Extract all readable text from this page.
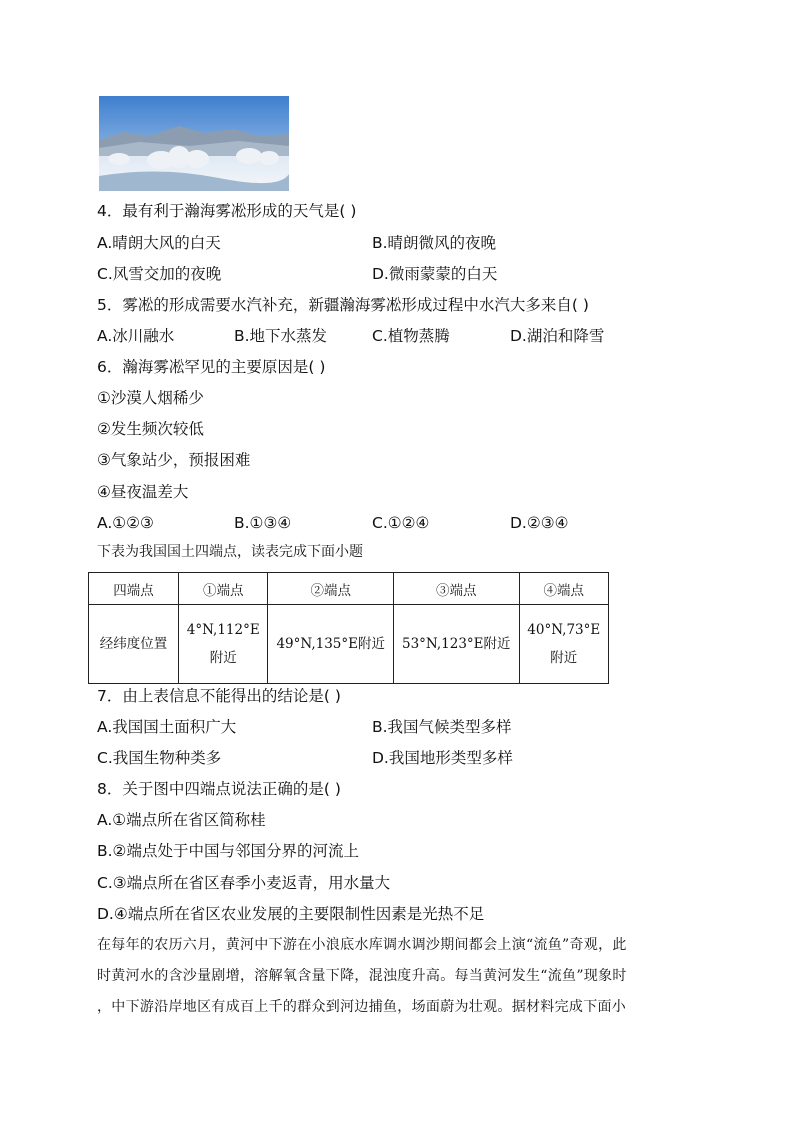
4．最有利于瀚海雾凇形成的天气是( )
A.晴朗大风的白天	B.晴朗微风的夜晚
C.风雪交加的夜晚	D.微雨蒙蒙的白天
5．雾凇的形成需要水汽补充，新疆瀚海雾凇形成过程中水汽大多来自( )
A.冰川融水	B.地下水蒸发	C.植物蒸腾	D.湖泊和降雪
6．瀚海雾凇罕见的主要原因是( )
①沙漠人烟稀少
②发生频次较低
③气象站少，预报困难
④昼夜温差大
A.①②③	B.①③④	C.①②④	D.②③④
下表为我国国土四端点，读表完成下面小题
四端点	①端点	②端点	③端点	④端点
经纬度位置	4°N,112°E附近	49°N,135°E附近	53°N,123°E附近	40°N,73°E附近
7．由上表信息不能得出的结论是( )
A.我国国土面积广大	B.我国气候类型多样
C.我国生物种类多	D.我国地形类型多样
8．关于图中四端点说法正确的是( )
A.①端点所在省区简称桂
B.②端点处于中国与邻国分界的河流上
C.③端点所在省区春季小麦返青，用水量大
D.④端点所在省区农业发展的主要限制性因素是光热不足
在每年的农历六月，黄河中下游在小浪底水库调水调沙期间都会上演“流鱼”奇观，此
时黄河水的含沙量剧增，溶解氧含量下降，混浊度升高。每当黄河发生“流鱼”现象时
，中下游沿岸地区有成百上千的群众到河边捕鱼，场面蔚为壮观。据材料完成下面小
